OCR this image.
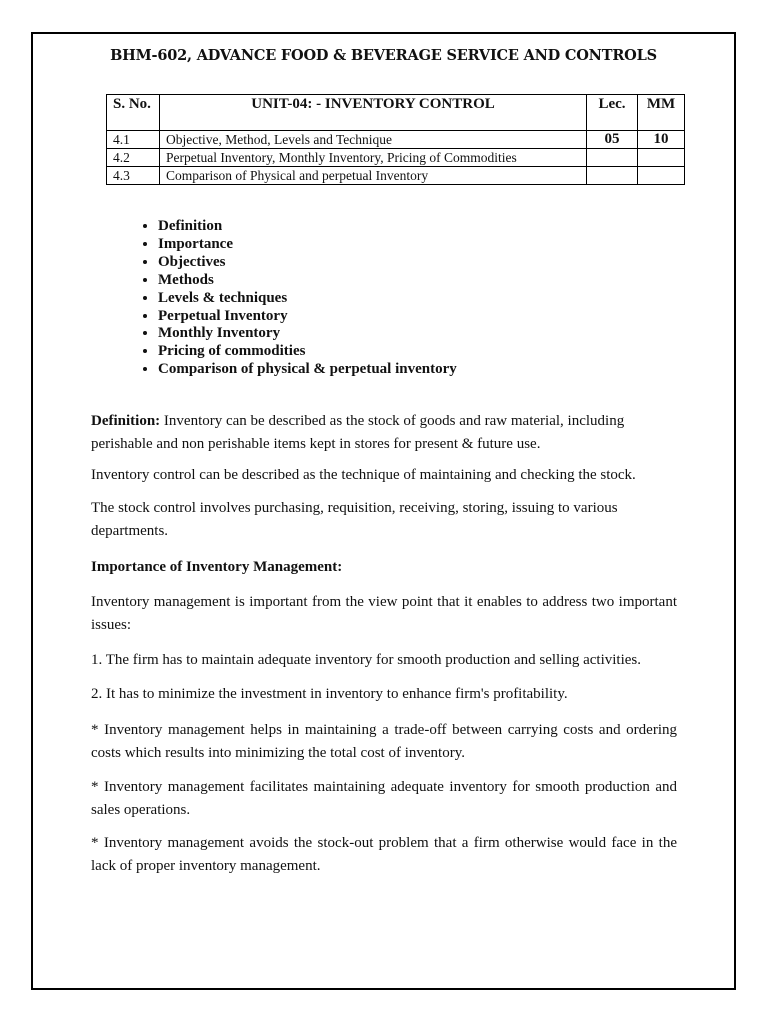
BHM-602, ADVANCE FOOD & BEVERAGE SERVICE AND CONTROLS
S. No.	UNIT-04: - INVENTORY CONTROL	Lec.	MM
4.1	Objective, Method, Levels and Technique	05	10
4.2	Perpetual Inventory, Monthly Inventory, Pricing of Commodities		
4.3	Comparison of Physical and perpetual Inventory		
• Definition
• Importance
• Objectives
• Methods
• Levels & techniques
• Perpetual Inventory
• Monthly Inventory
• Pricing of commodities
• Comparison of physical & perpetual inventory

Definition: Inventory can be described as the stock of goods and raw material, including perishable and non perishable items kept in stores for present & future use.

Inventory control can be described as the technique of maintaining and checking the stock.
The stock control involves purchasing, requisition, receiving, storing, issuing to various departments.
Importance of Inventory Management:
Inventory management is important from the view point that it enables to address two important issues:
1. The firm has to maintain adequate inventory for smooth production and selling activities.
2. It has to minimize the investment in inventory to enhance firm's profitability.
* Inventory management helps in maintaining a trade-off between carrying costs and ordering costs which results into minimizing the total cost of inventory.
* Inventory management facilitates maintaining adequate inventory for smooth production and sales operations.
* Inventory management avoids the stock-out problem that a firm otherwise would face in the lack of proper inventory management.
